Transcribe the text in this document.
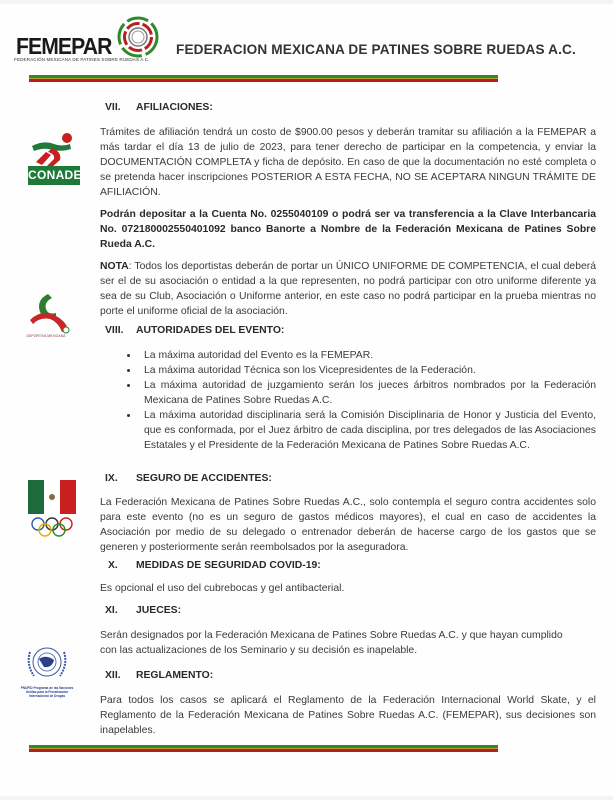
FEMEPAR
FEDERACIÓN MEXICANA DE PATINES SOBRE RUEDAS A.C.
FEDERACION MEXICANA DE PATINES SOBRE RUEDAS A.C.
CONADE
DEPORTIVA MEXICANA
PNUFID Programa de las Naciones Unidas para la Fiscalización Internacional de Drogas
VII. AFILIACIONES:
Trámites de afiliación tendrá un costo de $900.00 pesos y deberán tramitar su afiliación a la FEMEPAR a más tardar el día 13 de julio de 2023, para tener derecho de participar en la competencia, y enviar la DOCUMENTACIÓN COMPLETA y ficha de depósito. En caso de que la documentación no esté completa o se pretenda hacer inscripciones POSTERIOR A ESTA FECHA, NO SE ACEPTARA NINGUN TRÁMITE DE AFILIACIÓN.
Podrán depositar a la Cuenta No. 0255040109 o podrá ser va transferencia a la Clave Interbancaria No. 072180002550401092 banco Banorte a Nombre de la Federación Mexicana de Patines Sobre Rueda A.C.
NOTA: Todos los deportistas deberán de portar un ÚNICO UNIFORME DE COMPETENCIA, el cual deberá ser el de su asociación o entidad a la que representen, no podrá participar con otro uniforme diferente ya sea de su Club, Asociación o Uniforme anterior, en este caso no podrá participar en la prueba mientras no porte el uniforme oficial de la asociación.
VIII. AUTORIDADES DEL EVENTO:
La máxima autoridad del Evento es la FEMEPAR.
La máxima autoridad Técnica son los Vicepresidentes de la Federación.
La máxima autoridad de juzgamiento serán los jueces árbitros nombrados por la Federación Mexicana de Patines Sobre Ruedas A.C.
La máxima autoridad disciplinaria será la Comisión Disciplinaria de Honor y Justicia del Evento, que es conformada, por el Juez árbitro de cada disciplina, por tres delegados de las Asociaciones Estatales y el Presidente de la Federación Mexicana de Patines Sobre Ruedas A.C.
IX. SEGURO DE ACCIDENTES:
La Federación Mexicana de Patines Sobre Ruedas A.C., solo contempla el seguro contra accidentes solo para este evento (no es un seguro de gastos médicos mayores), el cual en caso de accidentes la Asociación por medio de su delegado o entrenador deberán de hacerse cargo de los gastos que se generen y posteriormente serán reembolsados por la aseguradora.
X. MEDIDAS DE SEGURIDAD COVID-19:
Es opcional el uso del cubrebocas y gel antibacterial.
XI. JUECES:
Serán designados por la Federación Mexicana de Patines Sobre Ruedas A.C. y que hayan cumplido con las actualizaciones de los Seminario y su decisión es inapelable.
XII. REGLAMENTO:
Para todos los casos se aplicará el Reglamento de la Federación Internacional World Skate, y el Reglamento de la Federación Mexicana de Patines Sobre Ruedas A.C. (FEMEPAR), sus decisiones son inapelables.
